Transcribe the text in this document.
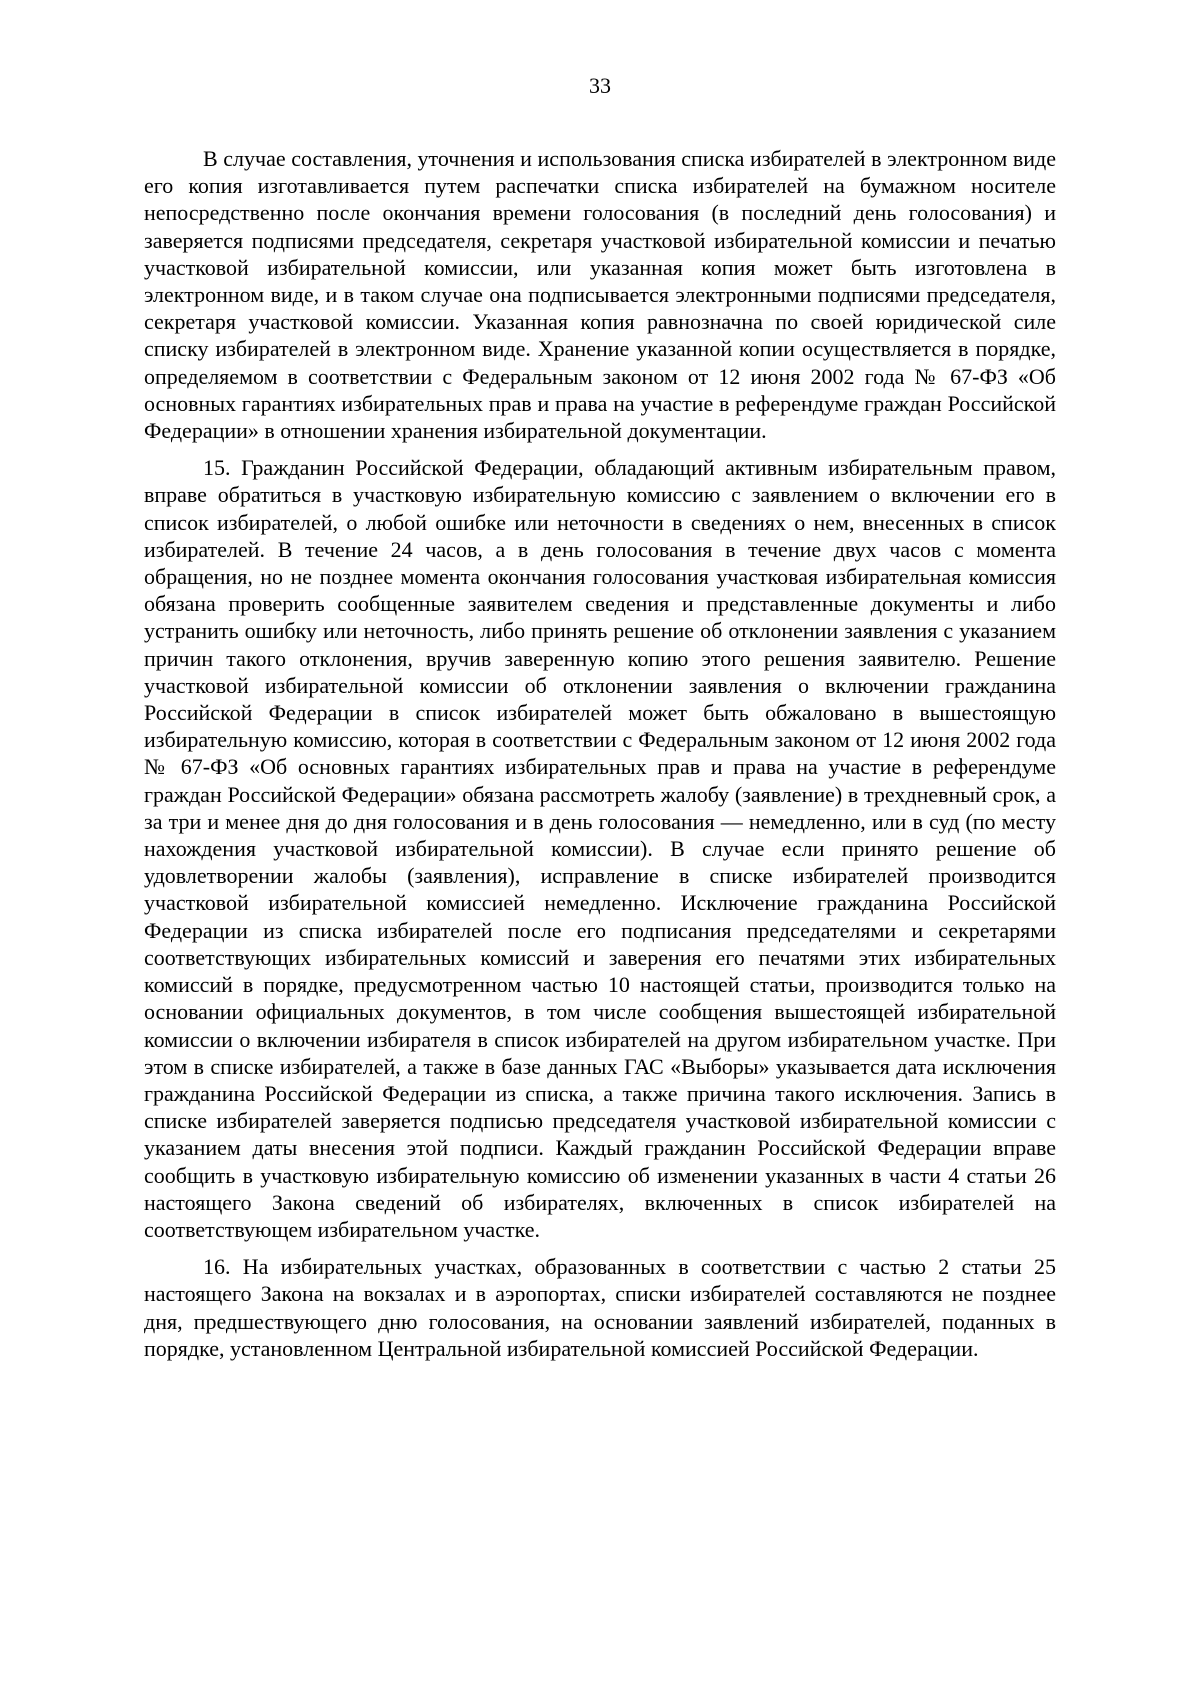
33

В случае составления, уточнения и использования списка избирателей в электронном виде его копия изготавливается путем распечатки списка избирателей на бумажном носителе непосредственно после окончания времени голосования (в последний день голосования) и заверяется подписями председателя, секретаря участковой избирательной комиссии и печатью участковой избирательной комиссии, или указанная копия может быть изготовлена в электронном виде, и в таком случае она подписывается электронными подписями председателя, секретаря участковой комиссии. Указанная копия равнозначна по своей юридической силе списку избирателей в электронном виде. Хранение указанной копии осуществляется в порядке, определяемом в соответствии с Федеральным законом от 12 июня 2002 года № 67-ФЗ «Об основных гарантиях избирательных прав и права на участие в референдуме граждан Российской Федерации» в отношении хранения избирательной документации.

15. Гражданин Российской Федерации, обладающий активным избирательным правом, вправе обратиться в участковую избирательную комиссию с заявлением о включении его в список избирателей, о любой ошибке или неточности в сведениях о нем, внесенных в список избирателей. В течение 24 часов, а в день голосования в течение двух часов с момента обращения, но не позднее момента окончания голосования участковая избирательная комиссия обязана проверить сообщенные заявителем сведения и представленные документы и либо устранить ошибку или неточность, либо принять решение об отклонении заявления с указанием причин такого отклонения, вручив заверенную копию этого решения заявителю. Решение участковой избирательной комиссии об отклонении заявления о включении гражданина Российской Федерации в список избирателей может быть обжаловано в вышестоящую избирательную комиссию, которая в соответствии с Федеральным законом от 12 июня 2002 года № 67-ФЗ «Об основных гарантиях избирательных прав и права на участие в референдуме граждан Российской Федерации» обязана рассмотреть жалобу (заявление) в трехдневный срок, а за три и менее дня до дня голосования и в день голосования — немедленно, или в суд (по месту нахождения участковой избирательной комиссии). В случае если принято решение об удовлетворении жалобы (заявления), исправление в списке избирателей производится участковой избирательной комиссией немедленно. Исключение гражданина Российской Федерации из списка избирателей после его подписания председателями и секретарями соответствующих избирательных комиссий и заверения его печатями этих избирательных комиссий в порядке, предусмотренном частью 10 настоящей статьи, производится только на основании официальных документов, в том числе сообщения вышестоящей избирательной комиссии о включении избирателя в список избирателей на другом избирательном участке. При этом в списке избирателей, а также в базе данных ГАС «Выборы» указывается дата исключения гражданина Российской Федерации из списка, а также причина такого исключения. Запись в списке избирателей заверяется подписью председателя участковой избирательной комиссии с указанием даты внесения этой подписи. Каждый гражданин Российской Федерации вправе сообщить в участковую избирательную комиссию об изменении указанных в части 4 статьи 26 настоящего Закона сведений об избирателях, включенных в список избирателей на соответствующем избирательном участке.

16. На избирательных участках, образованных в соответствии с частью 2 статьи 25 настоящего Закона на вокзалах и в аэропортах, списки избирателей составляются не позднее дня, предшествующего дню голосования, на основании заявлений избирателей, поданных в порядке, установленном Центральной избирательной комиссией Российской Федерации.
